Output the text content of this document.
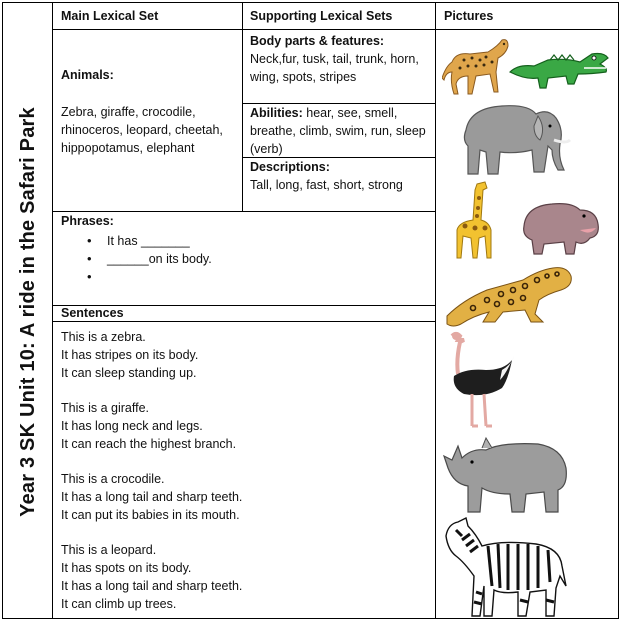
Year 3 SK Unit 10: A ride in the Safari Park
Main Lexical Set	Supporting Lexical Sets	Pictures
Animals:
Zebra, giraffe, crocodile, rhinoceros, leopard, cheetah, hippopotamus, elephant
Body parts & features:
Neck,fur, tusk, tail, trunk, horn, wing, spots, stripes
Abilities: hear, see, smell, breathe, climb, swim, run, sleep (verb)
Descriptions:
Tall, long, fast, short, strong
Phrases:
• It has _______
• ______on its body.
•
Sentences

This is a zebra.

It has stripes on its body.

It can sleep standing up.

This is a giraffe.

It has long neck and legs.

It can reach the highest branch.

This is a crocodile.

It has a long tail and sharp teeth.

It can put its babies in its mouth.

This is a leopard.

It has spots on its body.

It has a long tail and sharp teeth.

It can climb up trees.
